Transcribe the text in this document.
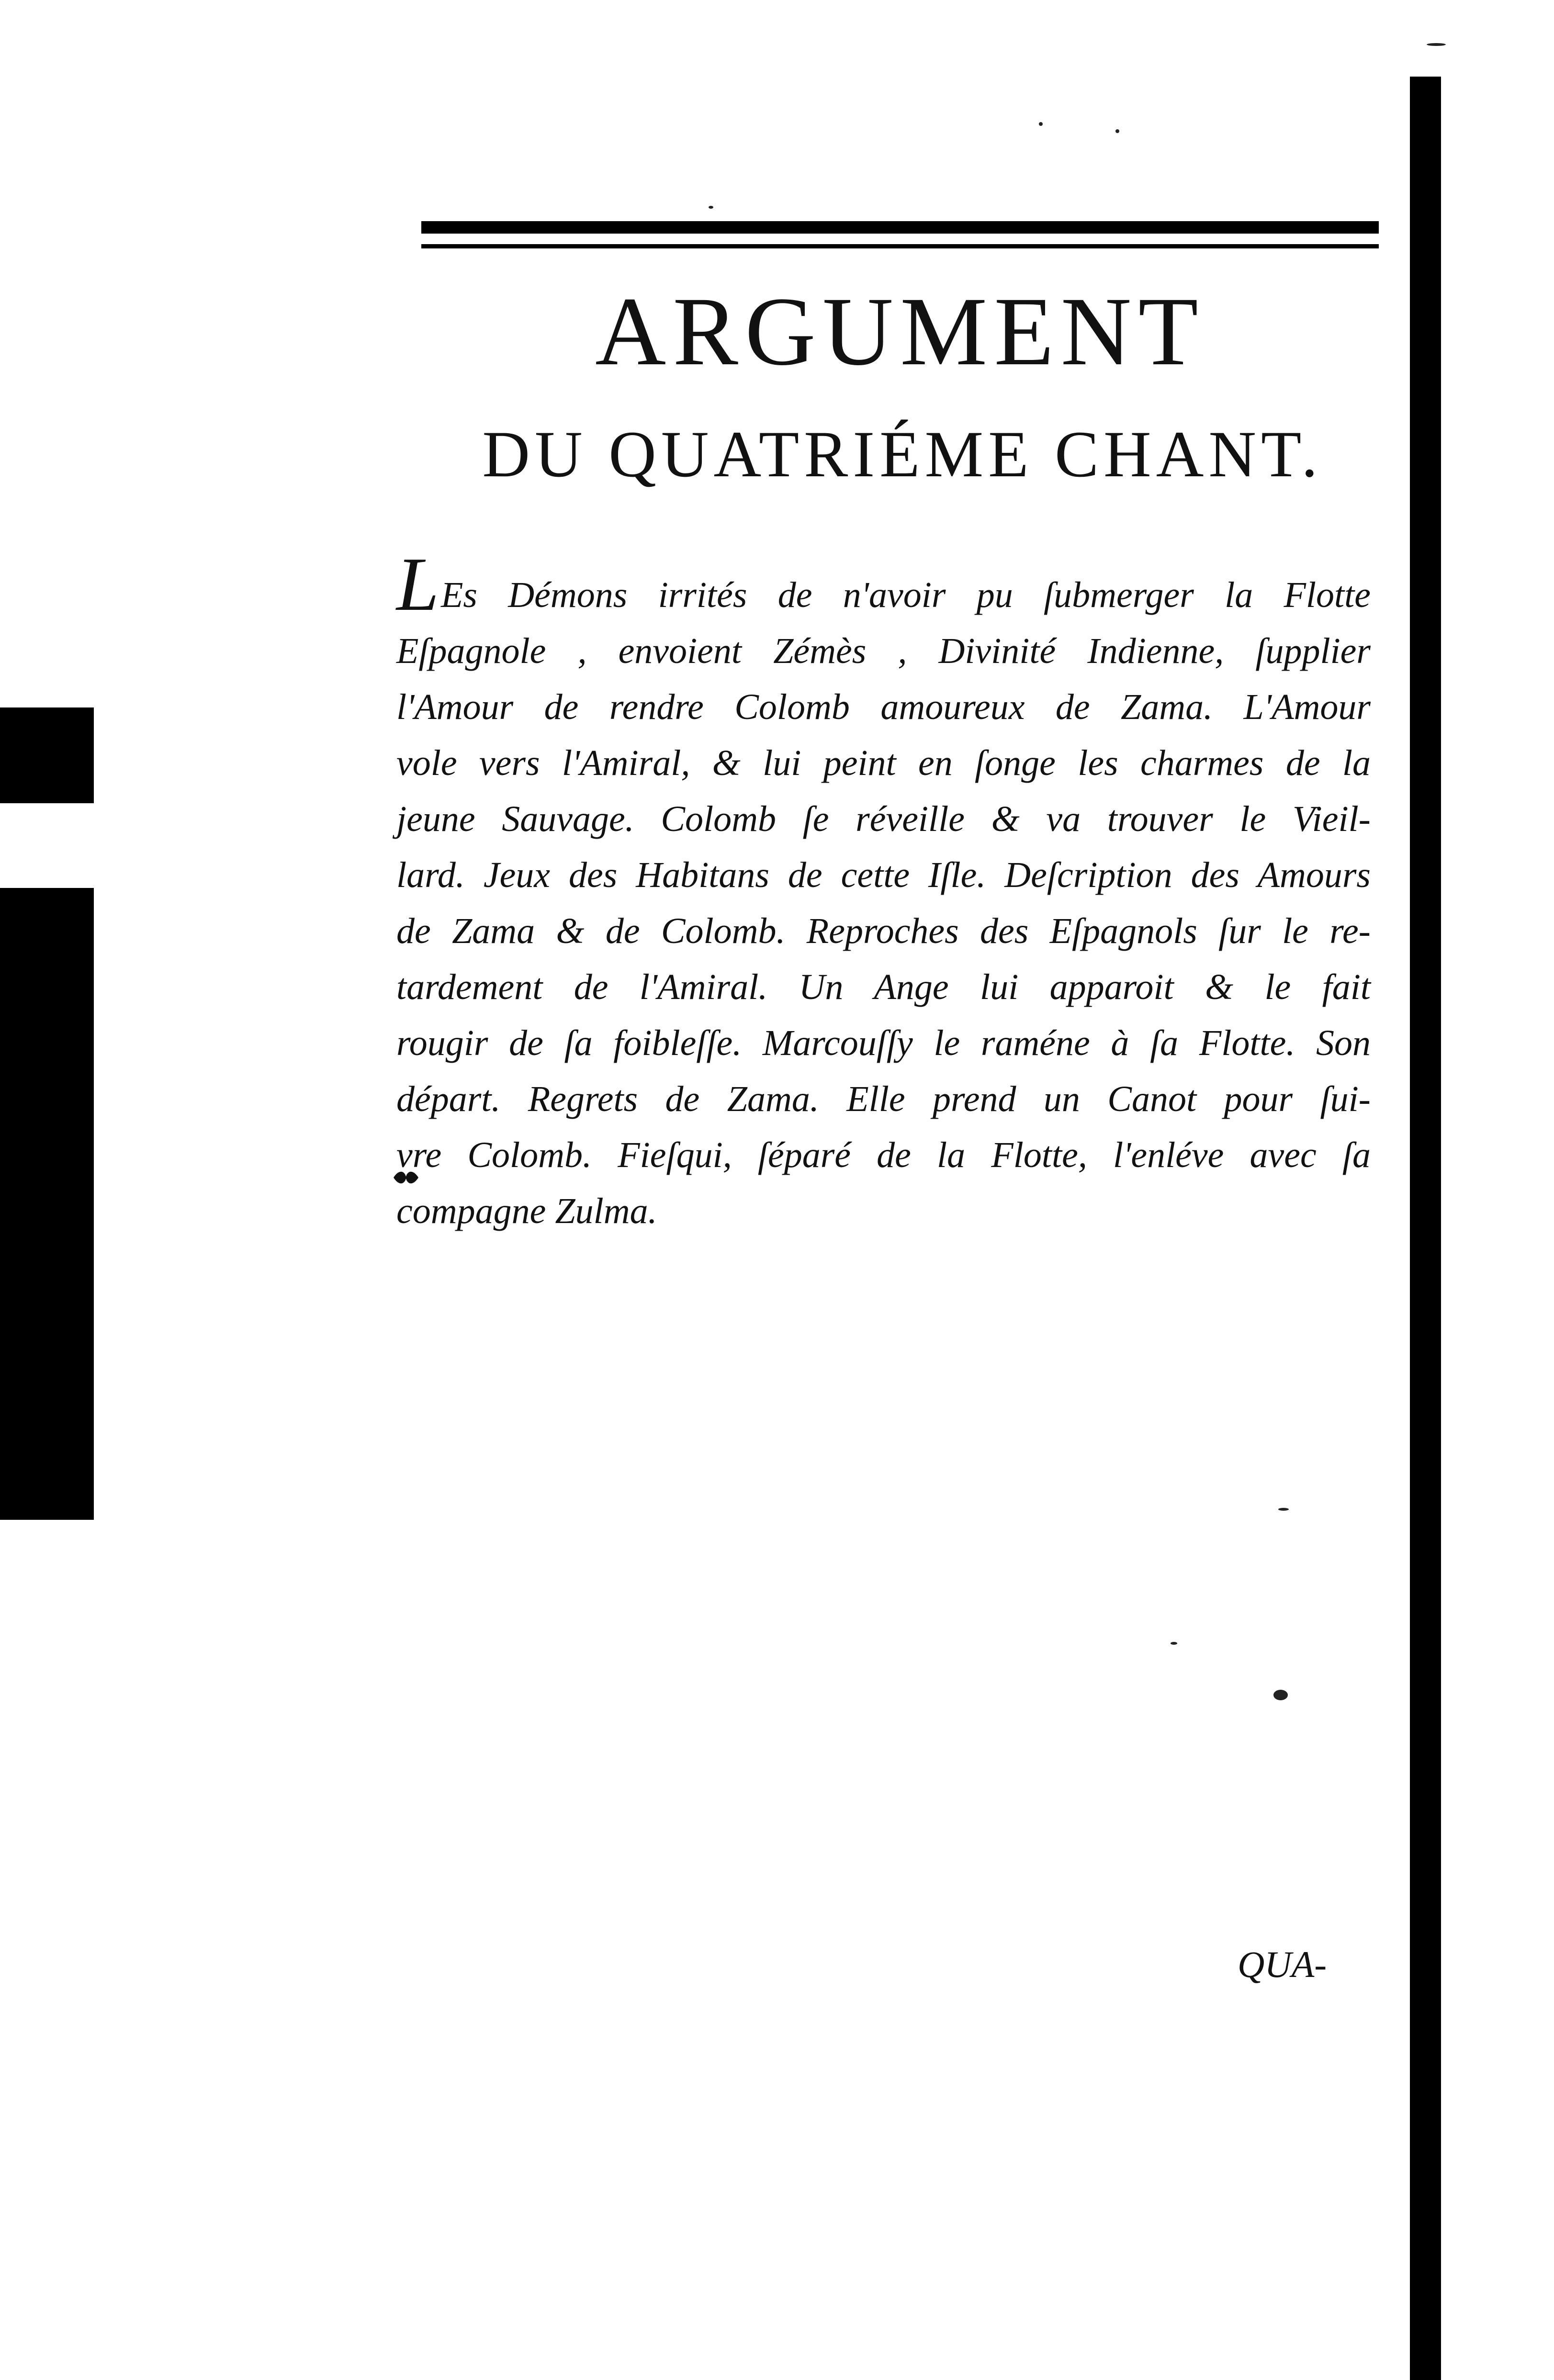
ARGUMENT
DU QUATRIÉME CHANT.
LEs Démons irrités de n'avoir pu ſubmerger la Flotte
Eſpagnole , envoient Zémès , Divinité Indienne, ſupplier
l'Amour de rendre Colomb amoureux de Zama. L'Amour
vole vers l'Amiral, & lui peint en ſonge les charmes de la
jeune Sauvage. Colomb ſe réveille & va trouver le Vieil-
lard. Jeux des Habitans de cette Iſle. Deſcription des Amours
de Zama & de Colomb. Reproches des Eſpagnols ſur le re-
tardement de l'Amiral. Un Ange lui apparoit & le fait
rougir de ſa foibleſſe. Marcouſſy le raméne à ſa Flotte. Son
départ. Regrets de Zama. Elle prend un Canot pour ſui-
vre Colomb. Fieſqui, ſéparé de la Flotte, l'enléve avec ſa
compagne Zulma.
QUA-
